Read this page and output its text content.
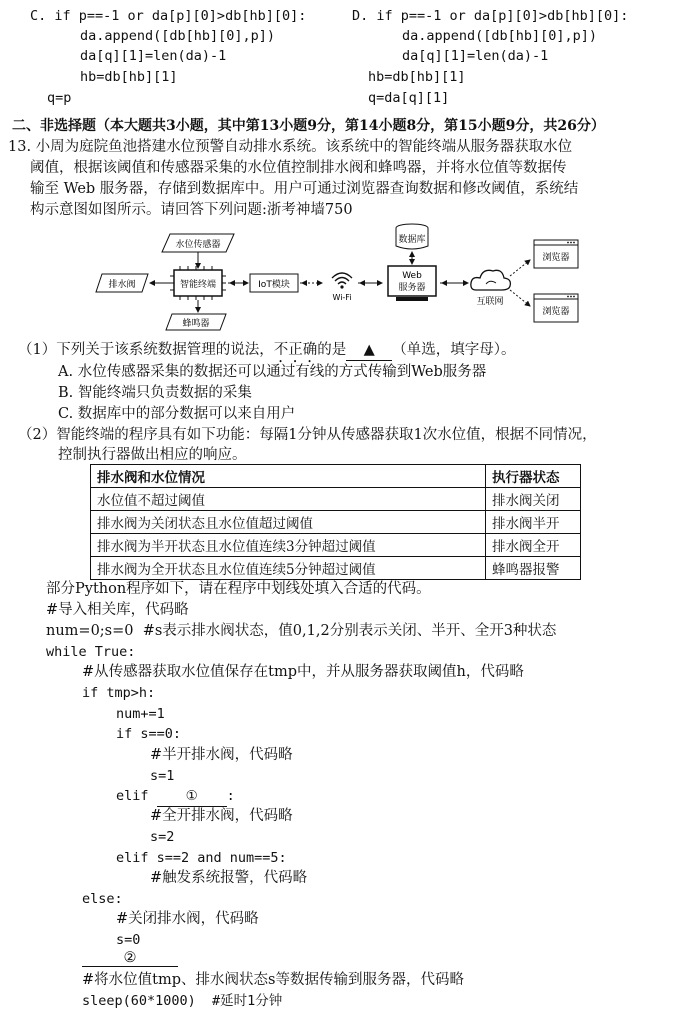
C. if p==-1 or da[p][0]>db[hb][0]:
da.append([db[hb][0],p])
da[q][1]=len(da)-1
hb=db[hb][1]
q=p
D. if p==-1 or da[p][0]>db[hb][0]:
da.append([db[hb][0],p])
da[q][1]=len(da)-1
hb=db[hb][1]
q=da[q][1]
二、非选择题（本大题共3小题，其中第13小题9分，第14小题8分，第15小题9分，共26分）
13. 小周为庭院鱼池搭建水位预警自动排水系统。该系统中的智能终端从服务器获取水位
阈值，根据该阈值和传感器采集的水位值控制排水阀和蜂鸣器，并将水位值等数据传
输至 Web 服务器，存储到数据库中。用户可通过浏览器查询数据和修改阈值，系统结
构示意图如图所示。请回答下列问题:浙考神墙750
水位传感器
排水阀	智能终端
蜂鸣器
IoT模块
Wi-Fi
数据库
Web
服务器
互联网
浏览器
浏览器
（1）下列关于该系统数据管理的说法，不正确的是 ▲ （单选，填字母）。
A. 水位传感器采集的数据还可以通过有线的方式传输到Web服务器
B. 智能终端只负责数据的采集
C. 数据库中的部分数据可以来自用户
（2）智能终端的程序具有如下功能：每隔1分钟从传感器获取1次水位值，根据不同情况，
控制执行器做出相应的响应。
排水阀和水位情况	执行器状态
水位值不超过阈值	排水阀关闭
排水阀为关闭状态且水位值超过阈值	排水阀半开
排水阀为半开状态且水位值连续3分钟超过阈值	排水阀全开
排水阀为全开状态且水位值连续5分钟超过阈值	蜂鸣器报警
部分Python程序如下，请在程序中划线处填入合适的代码。
#导入相关库，代码略
num=0;s=0  #s表示排水阀状态，值0,1,2分别表示关闭、半开、全开3种状态
while True:
#从传感器获取水位值保存在tmp中，并从服务器获取阈值h，代码略
if tmp>h:
num+=1
if s==0:
#半开排水阀，代码略
s=1
elif	① :
#全开排水阀，代码略
s=2
elif s==2 and num==5:
#触发系统报警，代码略
else:
#关闭排水阀，代码略
s=0
②
#将水位值tmp、排水阀状态s等数据传输到服务器，代码略
sleep(60*1000)  #延时1分钟
